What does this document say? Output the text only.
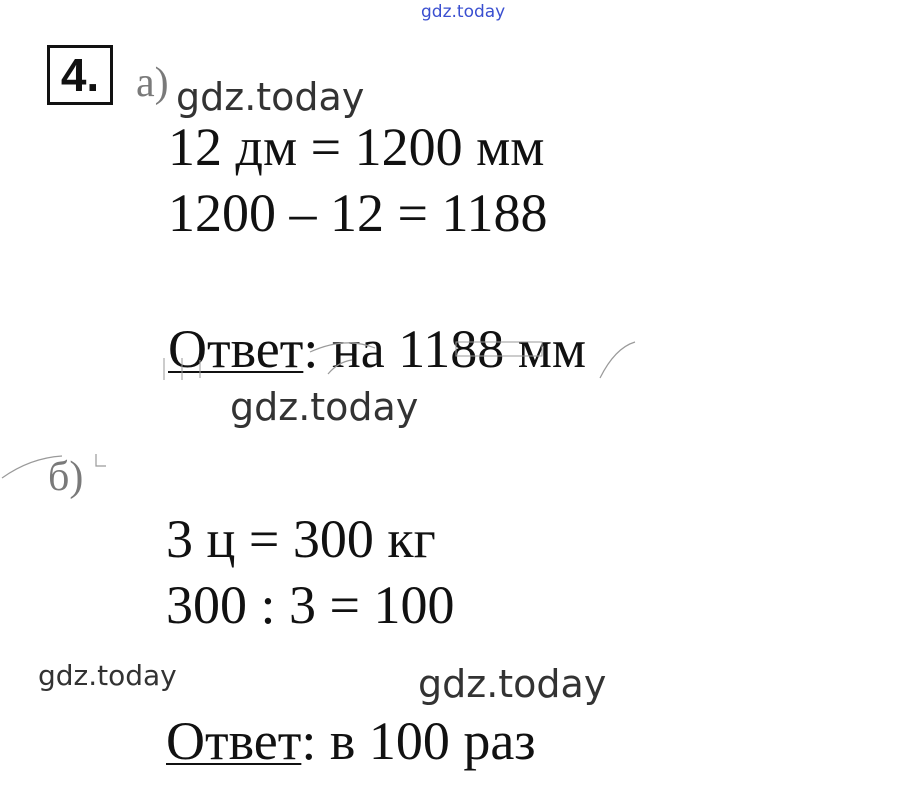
gdz.today
4. а) gdz.today
12 дм = 1200 мм
1200 – 12 = 1188
Ответ: на 1188 мм
gdz.today
б)
3 ц = 300 кг
300 : 3 = 100
gdz.today	gdz.today
Ответ: в 100 раз
